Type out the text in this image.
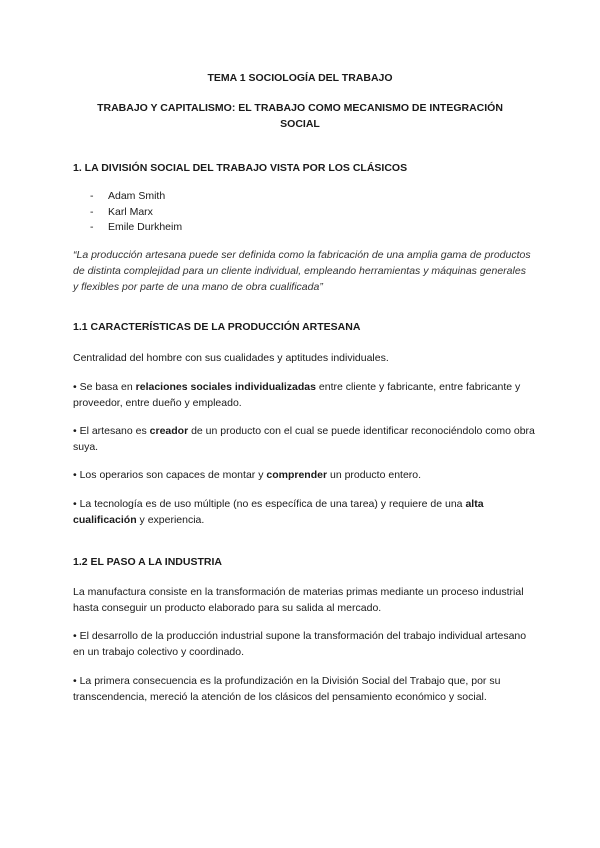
TEMA 1 SOCIOLOGÍA DEL TRABAJO
TRABAJO Y CAPITALISMO: EL TRABAJO COMO MECANISMO DE INTEGRACIÓN SOCIAL
1. LA DIVISIÓN SOCIAL DEL TRABAJO VISTA POR LOS CLÁSICOS
-	Adam Smith
-	Karl Marx
-	Emile Durkheim
“La producción artesana puede ser definida como la fabricación de una amplia gama de productos de distinta complejidad para un cliente individual, empleando herramientas y máquinas generales y flexibles por parte de una mano de obra cualificada”
1.1 CARACTERÍSTICAS DE LA PRODUCCIÓN ARTESANA
Centralidad del hombre con sus cualidades y aptitudes individuales.
• Se basa en relaciones sociales individualizadas entre cliente y fabricante, entre fabricante y proveedor, entre dueño y empleado.
• El artesano es creador de un producto con el cual se puede identificar reconociéndolo como obra suya.
• Los operarios son capaces de montar y comprender un producto entero.
• La tecnología es de uso múltiple (no es específica de una tarea) y requiere de una alta cualificación y experiencia.
1.2 EL PASO A LA INDUSTRIA
La manufactura consiste en la transformación de materias primas mediante un proceso industrial hasta conseguir un producto elaborado para su salida al mercado.
• El desarrollo de la producción industrial supone la transformación del trabajo individual artesano en un trabajo colectivo y coordinado.
• La primera consecuencia es la profundización en la División Social del Trabajo que, por su transcendencia, mereció la atención de los clásicos del pensamiento económico y social.
